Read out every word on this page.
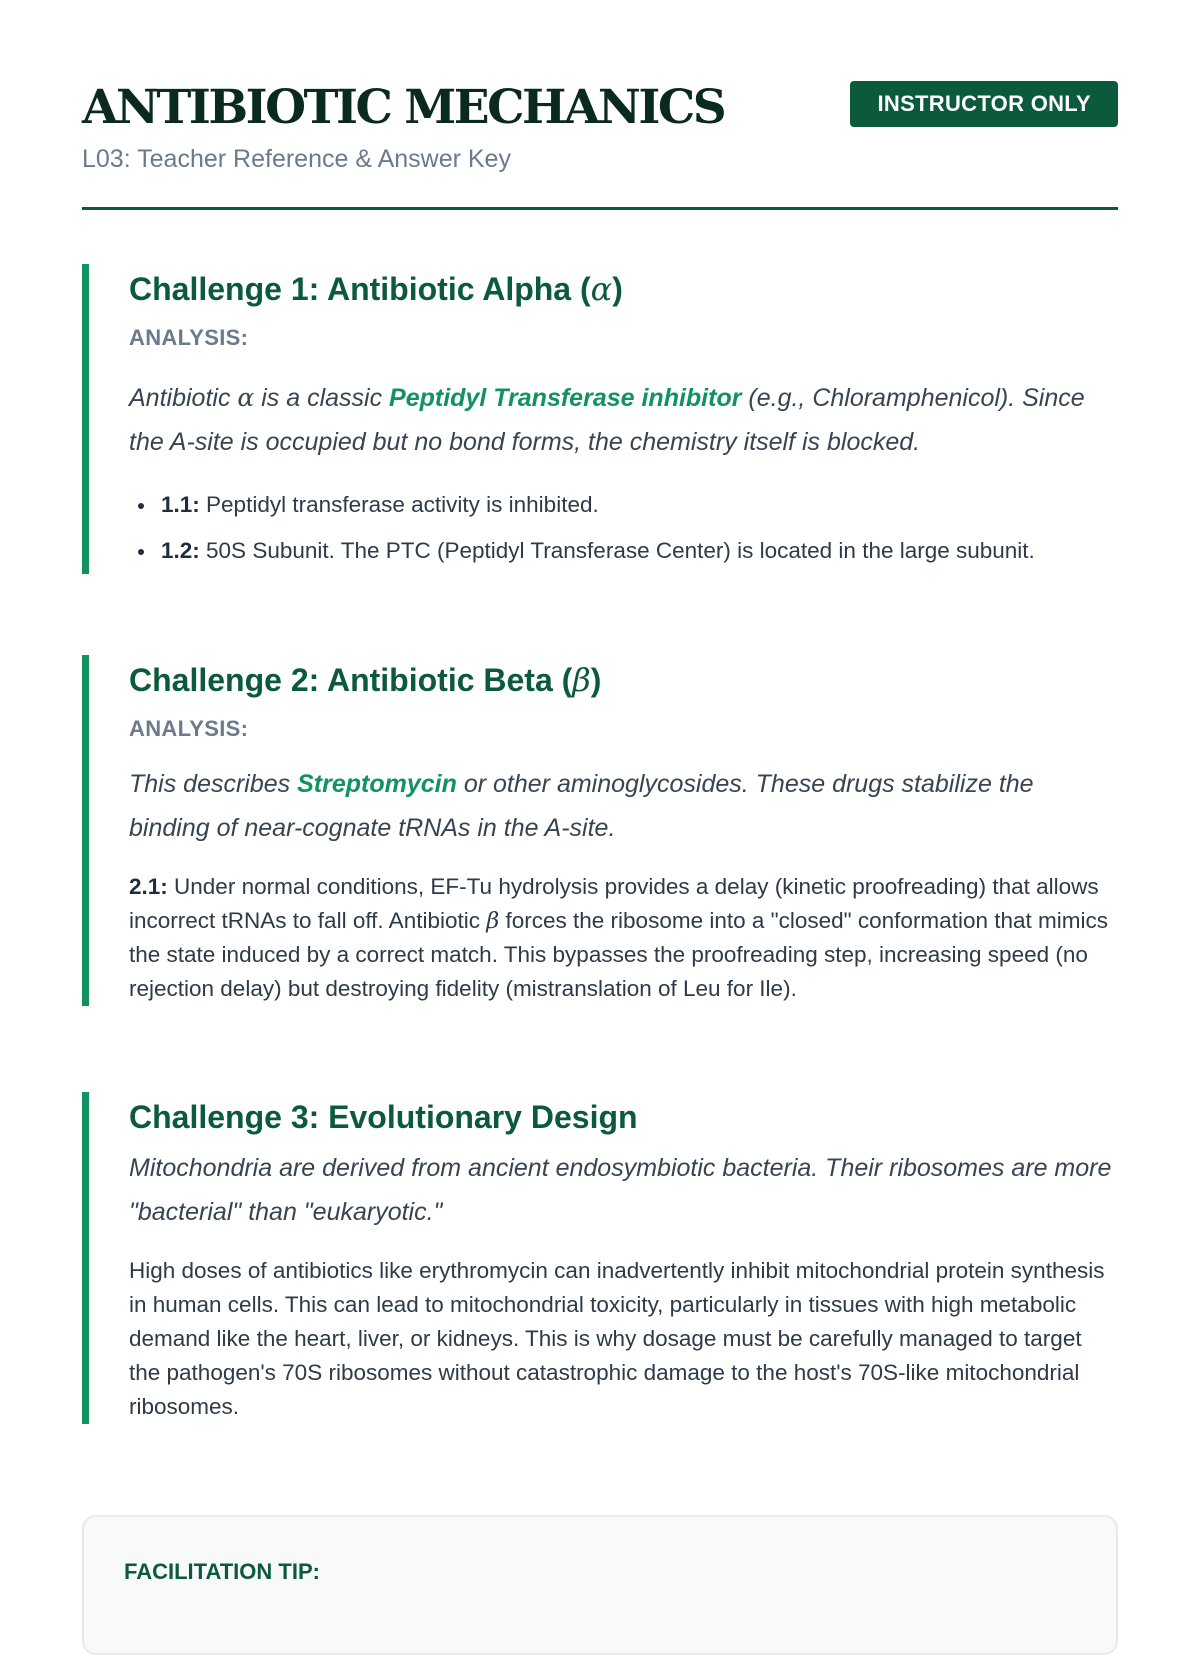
ANTIBIOTIC MECHANICS
L03: Teacher Reference & Answer Key
INSTRUCTOR ONLY
Challenge 1: Antibiotic Alpha (α)
ANALYSIS:

Antibiotic α is a classic Peptidyl Transferase inhibitor (e.g., Chloramphenicol). Since the A-site is occupied but no bond forms, the chemistry itself is blocked.

1.1: Peptidyl transferase activity is inhibited.
1.2: 50S Subunit. The PTC (Peptidyl Transferase Center) is located in the large subunit.
Challenge 2: Antibiotic Beta (β)
ANALYSIS:

This describes Streptomycin or other aminoglycosides. These drugs stabilize the binding of near-cognate tRNAs in the A-site.

2.1: Under normal conditions, EF-Tu hydrolysis provides a delay (kinetic proofreading) that allows incorrect tRNAs to fall off. Antibiotic β forces the ribosome into a "closed" conformation that mimics the state induced by a correct match. This bypasses the proofreading step, increasing speed (no rejection delay) but destroying fidelity (mistranslation of Leu for Ile).

Challenge 3: Evolutionary Design

Mitochondria are derived from ancient endosymbiotic bacteria. Their ribosomes are more "bacterial" than "eukaryotic."

High doses of antibiotics like erythromycin can inadvertently inhibit mitochondrial protein synthesis in human cells. This can lead to mitochondrial toxicity, particularly in tissues with high metabolic demand like the heart, liver, or kidneys. This is why dosage must be carefully managed to target the pathogen's 70S ribosomes without catastrophic damage to the host's 70S-like mitochondrial ribosomes.

FACILITATION TIP:
